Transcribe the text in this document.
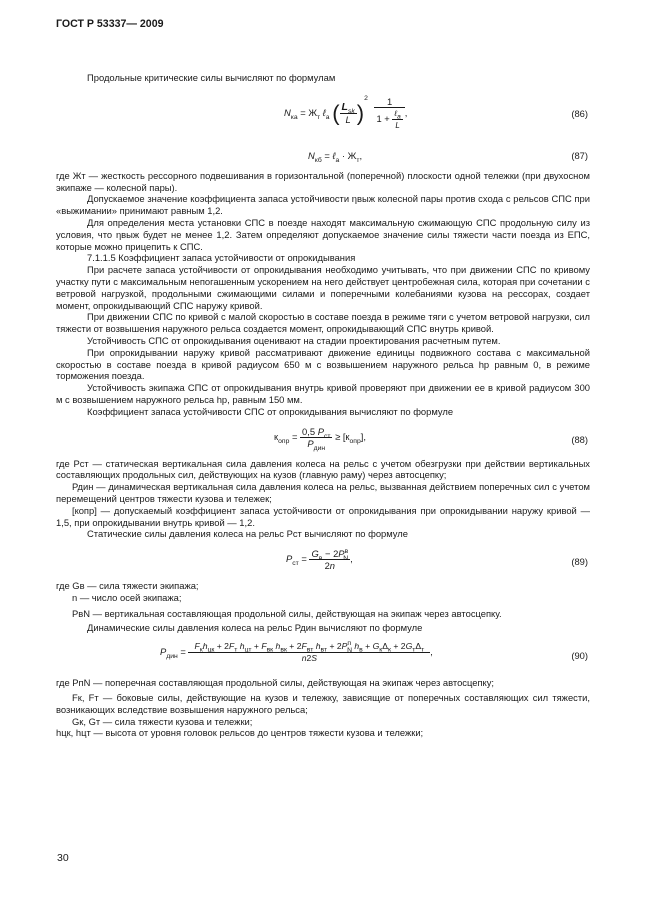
ГОСТ Р 53337— 2009

Продольные критические силы вычисляют по формулам

$N_{ка} = Ж_т$ ℓ$_а$ ( $\frac{L_{sk}}{L} )^2 \frac{1}{1 + \frac{\ell_а}{L}}$ ,	(86)
$N_{кб}$ = ℓ$_а$ · $Ж_т$,	(87)

где Жт — жесткость рессорного подвешивания в горизонтальной (поперечной) плоскости одной тележки (при двухосном экипаже — колесной пары).

Допускаемое значение коэффициента запаса устойчивости ηвыж колесной пары против схода с рельсов СПС при «выжимании» принимают равным 1,2.

Для определения места установки СПС в поезде находят максимальную сжимающую СПС продольную силу из условия, что ηвыж будет не менее 1,2. Затем определяют допускаемое значение силы тяжести части поезда из ЕПС, которые можно прицепить к СПС.

7.1.1.5 Коэффициент запаса устойчивости от опрокидывания

При расчете запаса устойчивости от опрокидывания необходимо учитывать, что при движении СПС по кривому участку пути с максимальным непогашенным ускорением на него действует центробежная сила, которая при сочетании с ветровой нагрузкой, продольными сжимающими силами и поперечными колебаниями кузова на рессорах, создает момент, опрокидывающий СПС наружу кривой.

При движении СПС по кривой с малой скоростью в составе поезда в режиме тяги с учетом ветровой нагрузки, сил тяжести от возвышения наружного рельса создается момент, опрокидывающий СПС внутрь кривой.

Устойчивость СПС от опрокидывания оценивают на стадии проектирования расчетным путем.

При опрокидывании наружу кривой рассматривают движение единицы подвижного состава с максимальной скоростью в составе поезда в кривой радиусом 650 м с возвышением наружного рельса hр равным 0, в режиме торможения поезда.

Устойчивость экипажа СПС от опрокидывания внутрь кривой проверяют при движении ее в кривой радиусом 300 м с возвышением наружного рельса hр, равным 150 мм.

Коэффициент запаса устойчивости СПС от опрокидывания вычисляют по формуле

$к_{опр} = \frac{0,5 Р_{ст}}{Р_{дин}} \ge [к_{опр}]$,	(88)

где Рст — статическая вертикальная сила давления колеса на рельс с учетом обезгрузки при действии вертикальных составляющих продольных сил, действующих на кузов (главную раму) через автосцепку;

Рдин — динамическая вертикальная сила давления колеса на рельс, вызванная действием поперечных сил с учетом перемещений центров тяжести кузова и тележек;

[кoпр] — допускаемый коэффициент запаса устойчивости от опрокидывания при опрокидывании наружу кривой — 1,5, при опрокидывании внутрь кривой — 1,2.

Статические силы давления колеса на рельс Рст вычисляют по формуле

$Р_{ст} = \frac{G_в - 2Р^в_N}{2n}$ ,	(89)

где Gв — сила тяжести экипажа;

n — число осей экипажа;

РвN — вертикальная составляющая продольной силы, действующая на экипаж через автосцепку.

Динамические силы давления колеса на рельс Рдин вычисляют по формуле

$Р_{дин} = F_кh_{цк} + 2F_т$ $h_{цт} + F_{вк}$ $h_{вк} + 2F_{вт}$ $h_{вт} + 2Р^п_N$ $h_в + G_к\Delta_к + 2G_т\Delta_т$
n2S
,	(90)

где РпN — поперечная составляющая продольной силы, действующая на экипаж через автосцепку;

Fк, Fт — боковые силы, действующие на кузов и тележку, зависящие от поперечных составляющих сил тяжести, возникающих вследствие возвышения наружного рельса;

Gк, Gт — сила тяжести кузова и тележки;

hцк, hцт — высота от уровня головок рельсов до центров тяжести кузова и тележки;

30
